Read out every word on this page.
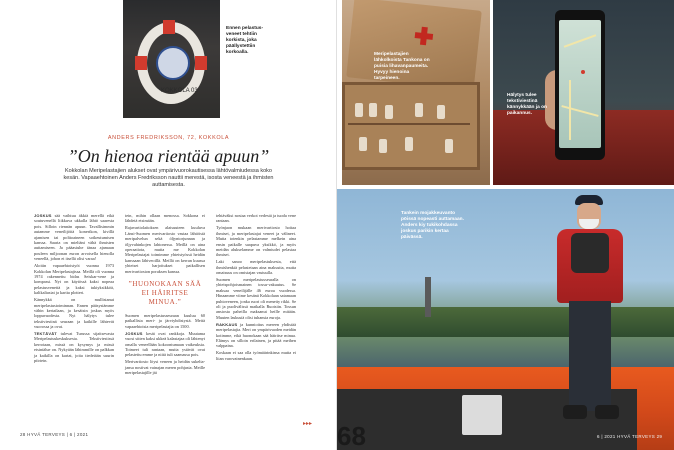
KOKKOLA 03
Ennen pelastus-
veneet tehtiin
korkista, joka
päällystettiin
korkoalla.
ANDERS FREDRIKSSON, 72, KOKKOLA
”On hienoa rientää apuun”
Kokkolan Meripelastajien alukset ovat ympärivuorokautisessa lähtövalmiudessa koko kesän. Vapaaehtoinen Anders Fredriksson nauttii merestä, isosta veneestä ja ihmisten auttamisesta.

JOSKUS sää vaihtuu äkkiä merellä eikä soutuvenellä liikkuva ukkalla lähtö saaresta pois. Silloin riennän apuun. Tavallisimmin autamme veneilijöitä konerikon, kivillä ajamisen tai polttoaineen sotkeutumisen kanssa. Saaria on mieltäni vähä ihmisten auttamiseen. Ja pääasiuhe tänaa ajamaan pouleen miljoonan euron arvoisella hienolla veneellä, johon ei itsellä olisi varaa!

Aloitin vapaaehtoistyöt vuonna 1973 Kokkolan Meripelastajissa. Meillä oli vuonna 1974 rakennettu bidas Seiskar-vene ja kompassi. Nyt on käytössä kaksi nopeaa pelastusvenettä ja kaksi tukiyksikköä, kalikaliasiat ja kartta plotteri.

Kännykkä on mullistanut meripelastustoiminnan. Ennen pääsystämme vähin kertailaan, ja kesäisin joskus myös loppuvuodesta. Nyt hälytys tulee tekstiviestinä seuraan ja kaikille lähtevät vuorossa ja ovat.

TEKTÄVÄT tulevat Turussa sijaitsevasta Meripelastuskeskuksesta. Tekstiviestissä kerrotaan, missä on kysymys ja missä etsintälue on. Nykyään lähimmille on palkkan ja kaikilla on kartat, joita tiedetään suurin piirtein.

tein, mihin ollaan menossa. Sokkona ei lähdetä etsimään.

Rajavartiolaitoksen alaisuuteen kuuluva Länsi-Suomen merivartiosto vastaa lähtöistä meripalvelun sekä öljyntorjunnan ja öljyvahinkojen lahtonessa. Meillä on aina operaatiota, mutta me Kokkolan Meripelastajat toimimme yhteistyössä heidän kanssaan lähiveoillä. Meillä on kerran kuussa yhteiset harjoitukset paikallisen merivartioston poraksen kanssa.

”HUONOKAAN SÄÄ EI HÄIRITSE MINUA.”

Suomen meripelastusseuraan kuuluu 60 paikallista meri- ja järviyhdistystä. Meitä vapaaehtoisia meripelastajia on 1500.

JOSKUS kesät ovat rankkoja. Muutama vuosi sitten kaksi ukkeä kalastajaa oli lähtenyt omalla veneellään kokoontumaan vaikeuksia. Toimeet tuli rantaan, mutta ystävät ovat pelastettu emme ja niitä tuli saamassa pois.

Merivartiosto löysi veneen ja heidän sukeltajansa nostivat vainajan meren pohjasta. Meille meripelastajille jäi

tehtäväksi nostaa verkot vedestä ja tuoda vene rantaan.

Työnjaon mukaan merivartiosto hoitaa ihmiset, ja meripelastajat veneet ja välineet. Mutta totenkin pelastamme melkein aina ensin paikalle saapuva yksikkö, ja myös meidän alukselamme on valmiudet pelastaa ihmiset.

Laki sanoo meripelastuksesta, että ihmishenkiä pelastetaan aina maksutta, mutta omaisuus on omistajan vastuulla.

Suomen meripelastusseuralla on yhteispohjoismainen tossu-vakuutus. Se maksaa veneilijälle 46 euroa vuodessa. Hinaamme viime kesänä Kokkolaan satamaan puhtoveneen, jonka ruori oli menetty rikki. Se oli ja puolivälissä matkalla Ruotsiin. Tossun ansiosta paheilla maksanut heille mitään. Muuten laskusiä olisi tuhansia euroja.

RAKKAUS ja kunnioitus mereen yhdistää meripelastajia. Meri on ympärivuoden meidän kotimme, eikä huonokaan sää häiritse minua. Elämys on silloin erilainen, ja pitää meihen valppaina.

Koskaan ei saa olla työmäärinkinsa mutta ei liian varovainenkaan.

▸▸▸
28 HYVÄ TERVEYS | 6 | 2021
Meripelastajien lähkolkoista Tankona on puisia lihavanpaumeita. Hyvyy hienoina tarpeineen.
Hälytys tulee tekstiviestinä kännykkään ja on paikannus.
68
Tankein mojakkeuvanto pöissä nopeasti auttamaan. Anders kiy tukikohdassa joskus parikin kertaa päivässä.
6 | 2021 HYVÄ TERVEYS 29
